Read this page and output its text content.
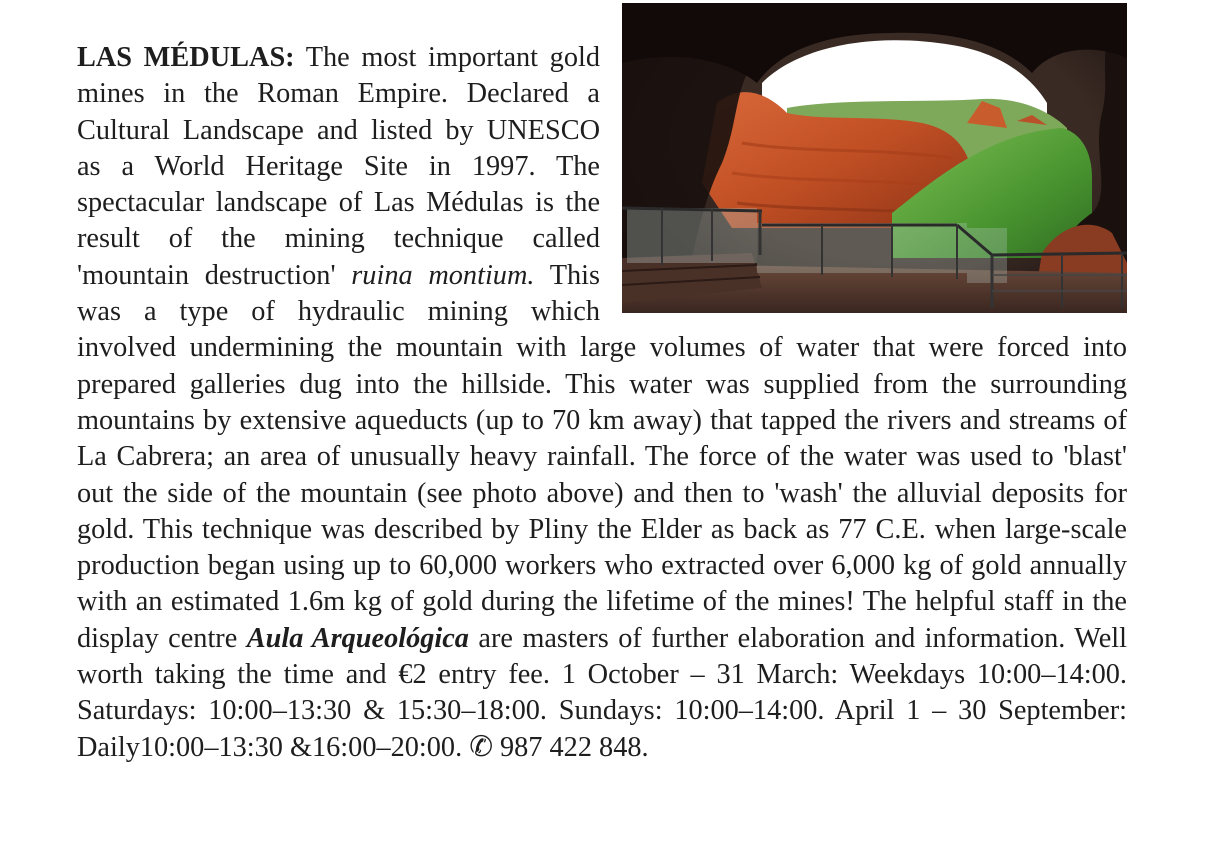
LAS MÉDULAS: The most important gold mines in the Roman Empire. Declared a Cultural Landscape and listed by UNESCO as a World Heritage Site in 1997. The spectacular landscape of Las Médulas is the result of the mining technique called 'mountain destruction' ruina montium. This was a type of hydraulic mining which involved undermining the mountain with large volumes of water that were forced into prepared galleries dug into the hillside. This water was supplied from the surrounding mountains by extensive aqueducts (up to 70 km away) that tapped the rivers and streams of La Cabrera; an area of unusually heavy rainfall. The force of the water was used to 'blast' out the side of the mountain (see photo above) and then to 'wash' the alluvial deposits for gold. This technique was described by Pliny the Elder as back as 77 C.E. when large-scale production began using up to 60,000 workers who extracted over 6,000 kg of gold annually with an estimated 1.6m kg of gold during the lifetime of the mines! The helpful staff in the display centre Aula Arqueológica are masters of further elaboration and information. Well worth taking the time and €2 entry fee. 1 October – 31 March: Weekdays 10:00–14:00. Saturdays: 10:00–13:30 & 15:30–18:00. Sundays: 10:00–14:00. April 1 – 30 September: Daily10:00–13:30 &16:00–20:00. ✆ 987 422 848.
